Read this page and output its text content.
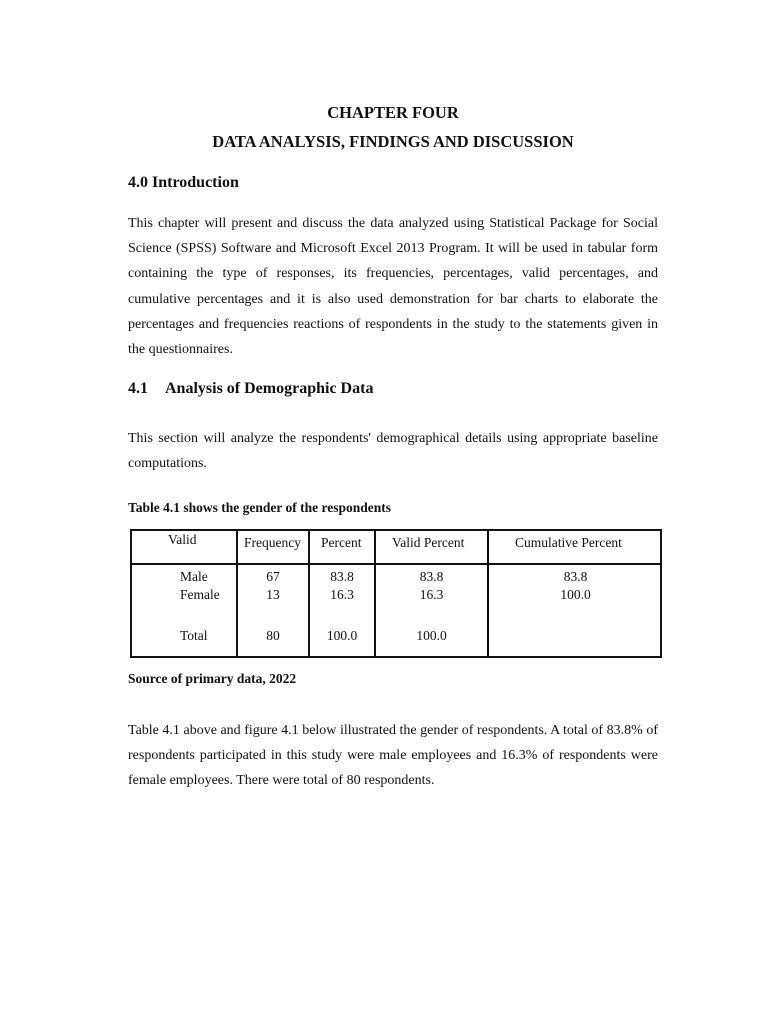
CHAPTER FOUR
DATA ANALYSIS, FINDINGS AND DISCUSSION
4.0 Introduction
This chapter will present and discuss the data analyzed using Statistical Package for Social Science (SPSS) Software and Microsoft Excel 2013 Program. It will be used in tabular form containing the type of responses, its frequencies, percentages, valid percentages, and cumulative percentages and it is also used demonstration for bar charts to elaborate the percentages and frequencies reactions of respondents in the study to the statements given in the questionnaires.
4.1 Analysis of Demographic Data
This section will analyze the respondents' demographical details using appropriate baseline computations.
Table 4.1 shows the gender of the respondents
Valid	Frequency Percent Valid Percent	Cumulative Percent
Male
Female
Total
67
13
80
83.8
16.3
100.0
83.8
16.3
100.0
83.8
100.0
Source of primary data, 2022
Table 4.1 above and figure 4.1 below illustrated the gender of respondents. A total of 83.8% of respondents participated in this study were male employees and 16.3% of respondents were female employees. There were total of 80 respondents.
